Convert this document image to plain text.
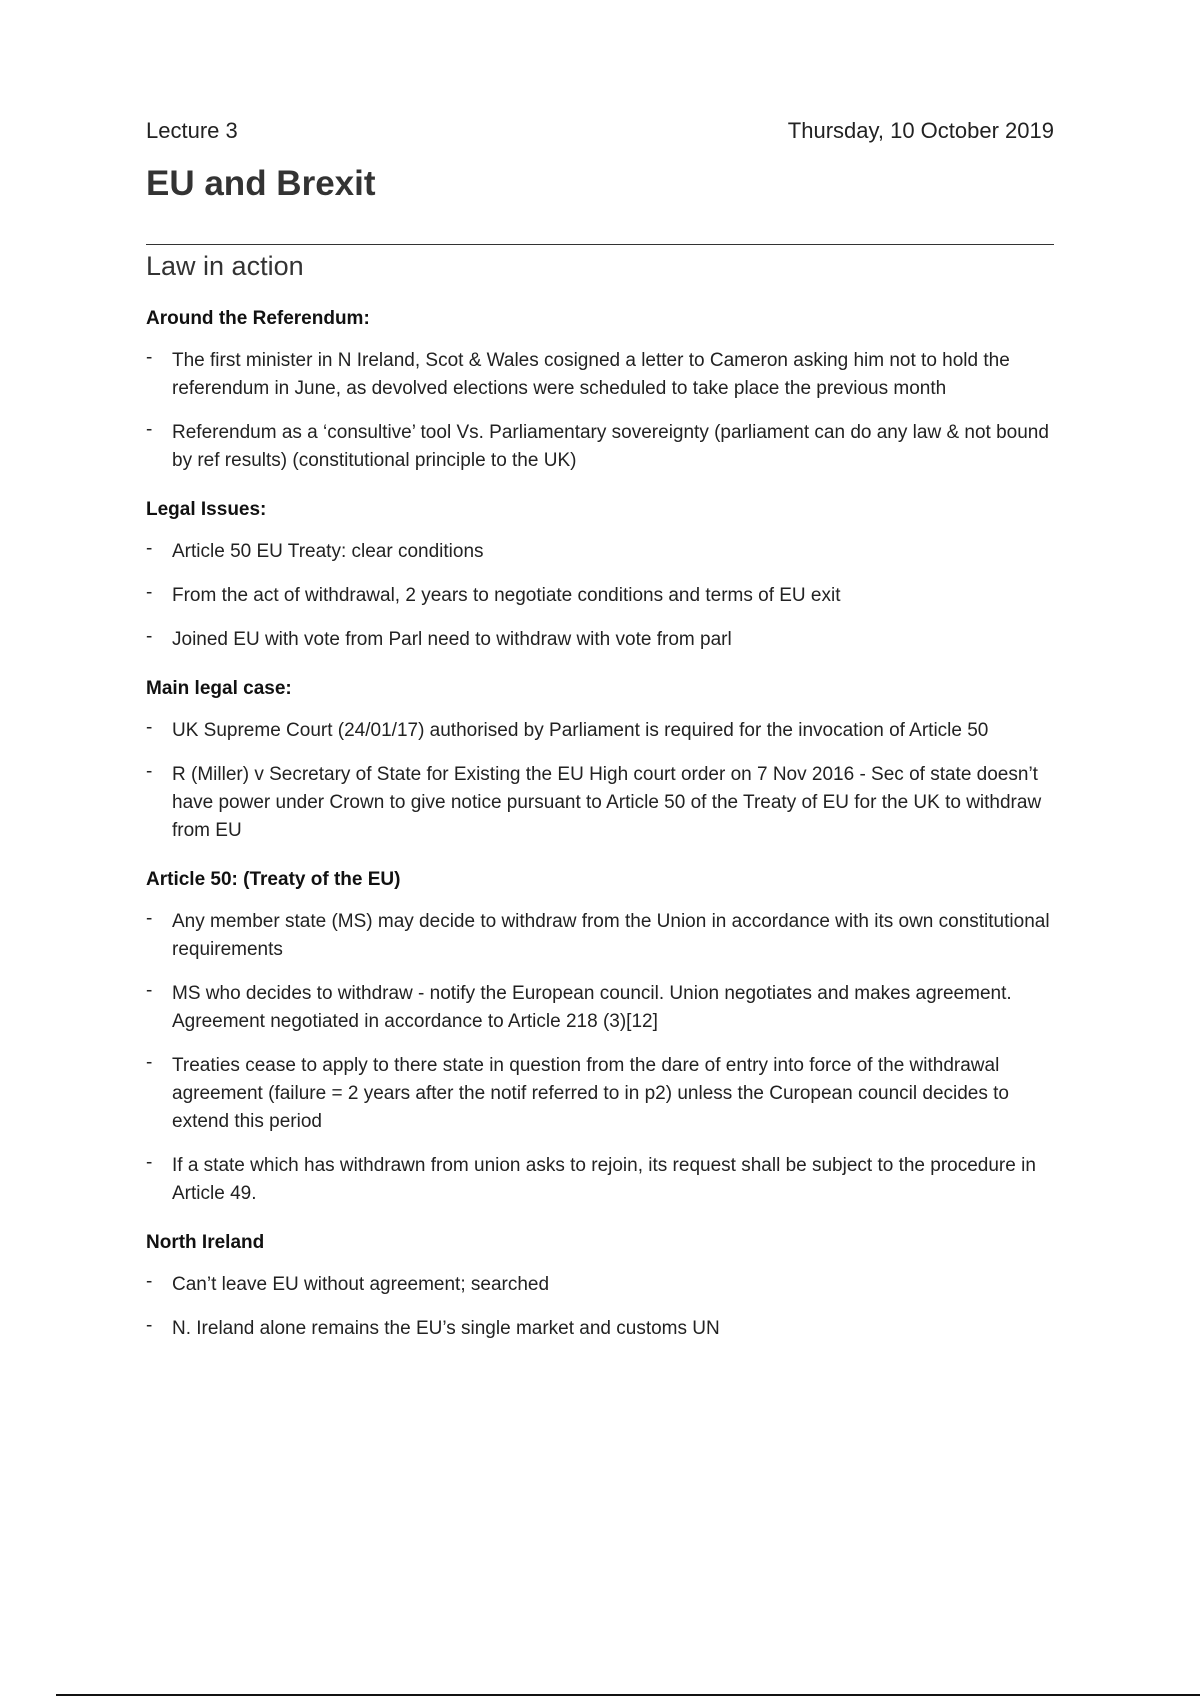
Lecture 3	Thursday, 10 October 2019
EU and Brexit
Law in action
Around the Referendum:
- The first minister in N Ireland, Scot & Wales cosigned a letter to Cameron asking him not to hold the referendum in June, as devolved elections were scheduled to take place the previous month
- Referendum as a ‘consultive’ tool Vs. Parliamentary sovereignty (parliament can do any law & not bound by ref results) (constitutional principle to the UK)
Legal Issues:
- Article 50 EU Treaty: clear conditions
- From the act of withdrawal, 2 years to negotiate conditions and terms of EU exit
- Joined EU with vote from Parl need to withdraw with vote from parl
Main legal case:
- UK Supreme Court (24/01/17) authorised by Parliament is required for the invocation of Article 50
- R (Miller) v Secretary of State for Existing the EU High court order on 7 Nov 2016 - Sec of state doesn’t have power under Crown to give notice pursuant to Article 50 of the Treaty of EU for the UK to withdraw from EU
Article 50: (Treaty of the EU)
- Any member state (MS) may decide to withdraw from the Union in accordance with its own constitutional requirements
- MS who decides to withdraw - notify the European council. Union negotiates and makes agreement. Agreement negotiated in accordance to Article 218 (3)[12]
- Treaties cease to apply to there state in question from the dare of entry into force of the withdrawal agreement (failure = 2 years after the notif referred to in p2) unless the Curopean council decides to extend this period
- If a state which has withdrawn from union asks to rejoin, its request shall be subject to the procedure in Article 49.
North Ireland
- Can’t leave EU without agreement; searched
- N. Ireland alone remains the EU’s single market and customs UN
